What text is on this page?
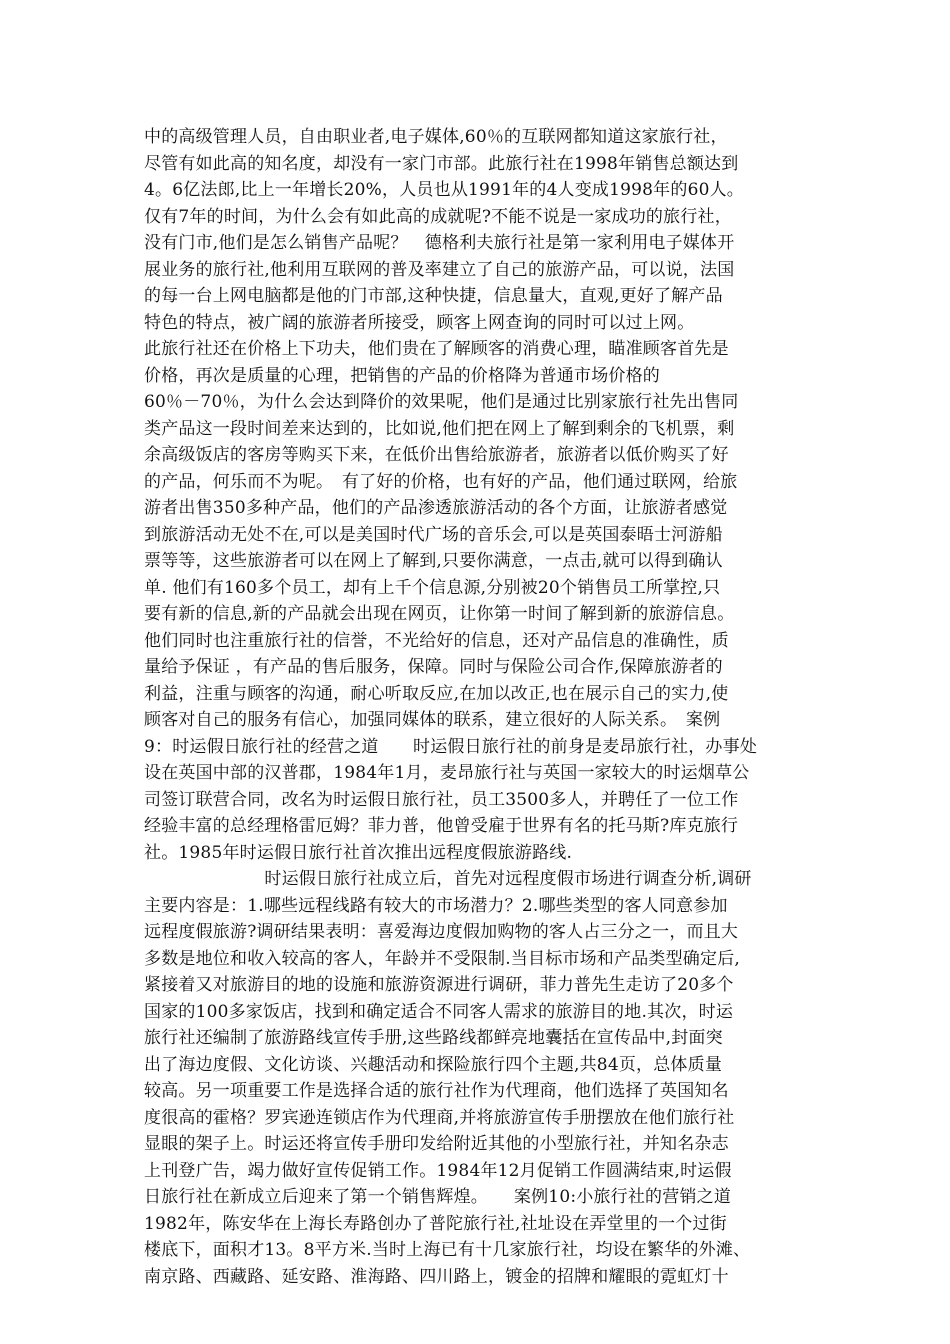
中的高级管理人员，自由职业者,电子媒体,60％的互联网都知道这家旅行社，
尽管有如此高的知名度，却没有一家门市部。此旅行社在1998年销售总额达到
4。6亿法郎,比上一年增长20%，人员也从1991年的4人变成1998年的60人。
仅有7年的时间，为什么会有如此高的成就呢?不能不说是一家成功的旅行社，
没有门市,他们是怎么销售产品呢？　德格利夫旅行社是第一家利用电子媒体开
展业务的旅行社,他利用互联网的普及率建立了自己的旅游产品，可以说，法国
的每一台上网电脑都是他的门市部,这种快捷，信息量大，直观,更好了解产品
特色的特点，被广阔的旅游者所接受，顾客上网查询的同时可以过上网。
此旅行社还在价格上下功夫，他们贵在了解顾客的消费心理，瞄准顾客首先是
价格，再次是质量的心理，把销售的产品的价格降为普通市场价格的
60％－70％，为什么会达到降价的效果呢，他们是通过比别家旅行社先出售同
类产品这一段时间差来达到的，比如说,他们把在网上了解到剩余的飞机票，剩
余高级饭店的客房等购买下来，在低价出售给旅游者，旅游者以低价购买了好
的产品，何乐而不为呢。　有了好的价格，也有好的产品，他们通过联网，给旅
游者出售350多种产品，他们的产品渗透旅游活动的各个方面，让旅游者感觉
到旅游活动无处不在,可以是美国时代广场的音乐会,可以是英国泰晤士河游船
票等等，这些旅游者可以在网上了解到,只要你满意，一点击,就可以得到确认
单. 他们有160多个员工，却有上千个信息源,分别被20个销售员工所掌控,只
要有新的信息,新的产品就会出现在网页，让你第一时间了解到新的旅游信息。
他们同时也注重旅行社的信誉，不光给好的信息，还对产品信息的准确性，质
量给予保证 ，有产品的售后服务，保障。同时与保险公司合作,保障旅游者的
利益，注重与顾客的沟通，耐心听取反应,在加以改正,也在展示自己的实力,使
顾客对自己的服务有信心，加强同媒体的联系，建立很好的人际关系。　案例
9：时运假日旅行社的经营之道　　时运假日旅行社的前身是麦昂旅行社，办事处
设在英国中部的汉普郡，1984年1月，麦昂旅行社与英国一家较大的时运烟草公
司签订联营合同，改名为时运假日旅行社，员工3500多人，并聘任了一位工作
经验丰富的总经理格雷厄姆？菲力普，他曾受雇于世界有名的托马斯?库克旅行
社。1985年时运假日旅行社首次推出远程度假旅游路线.
　　　　　　　时运假日旅行社成立后，首先对远程度假市场进行调查分析,调研
主要内容是：1.哪些远程线路有较大的市场潜力？2.哪些类型的客人同意参加
远程度假旅游?调研结果表明：喜爱海边度假加购物的客人占三分之一，而且大
多数是地位和收入较高的客人，年龄并不受限制.当目标市场和产品类型确定后,
紧接着又对旅游目的地的设施和旅游资源进行调研，菲力普先生走访了20多个
国家的100多家饭店，找到和确定适合不同客人需求的旅游目的地.其次，时运
旅行社还编制了旅游路线宣传手册,这些路线都鲜亮地囊括在宣传品中,封面突
出了海边度假、文化访谈、兴趣活动和探险旅行四个主题,共84页，总体质量
较高。另一项重要工作是选择合适的旅行社作为代理商，他们选择了英国知名
度很高的霍格？罗宾逊连锁店作为代理商,并将旅游宣传手册摆放在他们旅行社
显眼的架子上。时运还将宣传手册印发给附近其他的小型旅行社，并知名杂志
上刊登广告，竭力做好宣传促销工作。1984年12月促销工作圆满结束,时运假
日旅行社在新成立后迎来了第一个销售辉煌。　　案例10:小旅行社的营销之道
1982年，陈安华在上海长寿路创办了普陀旅行社,社址设在弄堂里的一个过街
楼底下，面积才13。8平方米.当时上海已有十几家旅行社，均设在繁华的外滩、
南京路、西藏路、延安路、淮海路、四川路上，镀金的招牌和耀眼的霓虹灯十
